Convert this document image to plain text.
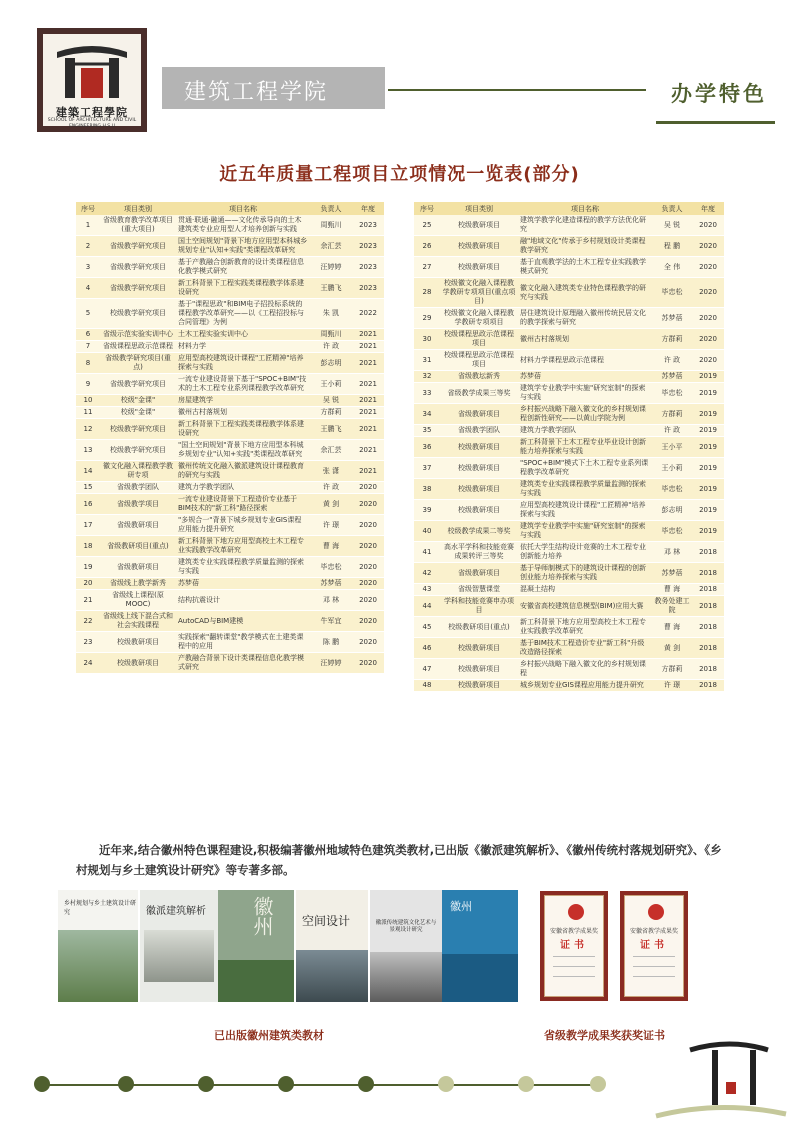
建築工程學院
SCHOOL OF ARCHITECTURE AND CIVIL ENGINEERING H.S.U
建筑工程学院	办学特色
近五年质量工程项目立项情况一览表(部分)
序号	项目类别	项目名称	负责人	年度
1	省级教育教学改革项目(重大项目)	贯通·联通·融通——文化传承导向的土木建筑类专业应用型人才培养创新与实践	周甄川	2023
2	省级教学研究项目	国土空间规划"背景下地方应用型本科城乡规划专业"认知+实践"类课程改革研究	余汇芸	2023
3	省级教学研究项目	基于产教融合创新教育的设计类课程信息化教学模式研究	汪婷婷	2023
4	省级教学研究项目	新工科背景下工程实践类课程教学体系建设研究	王鹏飞	2023
5	校级教学研究项目	基于"课程思政"和BIM电子招投标系统的课程教学改革研究——以《工程招投标与合同管理》为例	朱 凯	2022
6	省级示范实验实训中心	土木工程实验实训中心	周甄川	2021
7	省级课程思政示范课程	材料力学	许 政	2021
8	省级教学研究项目(重点)	应用型高校建筑设计课程"工匠精神"培养探索与实践	彭志明	2021
9	省级教学研究项目	一流专业建设背景下基于"SPOC+BIM"技术的土木工程专业系列课程教学改革研究	王小莉	2021
10	校级"金课"	房屋建筑学	吴 锐	2021
11	校级"金课"	徽州古村落规划	方群莉	2021
12	校级教学研究项目	新工科背景下工程实践类课程教学体系建设研究	王鹏飞	2021
13	校级教学研究项目	"国土空间规划"背景下地方应用型本科城乡规划专业"认知+实践"类课程改革研究	余汇芸	2021
14	徽文化融入课程教学教研专项	徽州传统文化融入徽派建筑设计课程教育的研究与实践	张 潇	2021
15	省级教学团队	建筑力学教学团队	许 政	2020
16	省级教学项目	一流专业建设背景下工程造价专业基于BIM技术的"新工科"路径探索	黄 剑	2020
17	省级教研项目	"多规合一"背景下城乡规划专业GIS课程应用能力提升研究	许 璟	2020
18	省级教研项目(重点)	新工科背景下地方应用型高校土木工程专业实践教学改革研究	曹 海	2020
19	省级教研项目	建筑类专业实践课程教学质量监测的探索与实践	毕忠松	2020
20	省级线上教学新秀	苏梦蓓	苏梦蓓	2020
21	省级线上课程(原MOOC)	结构抗震设计	邓 林	2020
22	省级线上线下混合式和社会实践课程	AutoCAD与BIM建模	牛军宜	2020
23	校级教研项目	实践探索"翻转课堂"教学模式在土建类课程中的应用	陈 鹏	2020
24	校级教研项目	产教融合背景下设计类课程信息化教学模式研究	汪婷婷	2020
序号	项目类别	项目名称	负责人	年度
25	校级教研项目	建筑学教学化建造课程的教学方法优化研究	吴 锐	2020
26	校级教研项目	融"地域文化"传承于乡村规划设计类课程教学研究	程 鹏	2020
27	校级教研项目	基于直观教学法的土木工程专业实践教学模式研究	全 伟	2020
28	校级徽文化融入课程教学教研专项项目(重点项目)	徽文化融入建筑类专业特色课程教学的研究与实践	毕忠松	2020
29	校级徽文化融入课程教学教研专项项目	居住建筑设计原理融入徽州传统民居文化的教学探索与研究	苏梦蓓	2020
30	校级课程思政示范课程项目	徽州古村落规划	方群莉	2020
31	校级课程思政示范课程项目	材料力学课程思政示范课程	许 政	2020
32	省级教坛新秀	苏梦蓓	苏梦蓓	2019
33	省级教学成果三等奖	建筑学专业教学中实施"研究室制"的探索与实践	毕忠松	2019
34	省级教研项目	乡村振兴战略下融入徽文化的乡村规划课程创新性研究——以黄山学院为例	方群莉	2019
35	省级教学团队	建筑力学教学团队	许 政	2019
36	校级教研项目	新工科背景下土木工程专业毕业设计创新能力培养探索与实践	王小平	2019
37	校级教研项目	"SPOC+BIM"模式下土木工程专业系列课程教学改革研究	王小莉	2019
38	校级教研项目	建筑类专业实践课程教学质量监测的探索与实践	毕忠松	2019
39	校级教研项目	应用型高校建筑设计课程"工匠精神"培养探索与实践	彭志明	2019
40	校级教学成果二等奖	建筑学专业教学中实施"研究室制"的探索与实践	毕忠松	2019
41	高水平学科和技能竞赛成果转评三等奖	依托大学生结构设计竞赛的土木工程专业创新能力培养	邓 林	2018
42	省级教研项目	基于导师制模式下的建筑设计课程的创新创业能力培养探索与实践	苏梦蓓	2018
43	省级智慧课堂	混凝土结构	曹 海	2018
44	学科和技能竞赛申办项目	安徽省高校建筑信息模型(BIM)应用大赛	教务处建工院	2018
45	校级教研项目(重点)	新工科背景下地方应用型高校土木工程专业实践教学改革研究	曹 海	2018
46	校级教研项目	基于BIM技术工程造价专业"新工科"升级改造路径探索	黄 剑	2018
47	校级教研项目	乡村振兴战略下融入徽文化的乡村规划课程	方群莉	2018
48	校级教研项目	城乡规划专业GIS课程应用能力提升研究	许 璟	2018
近年来,结合徽州特色课程建设,积极编著徽州地域特色建筑类教材,已出版《徽派建筑解析》、《徽州传统村落规划研究》、《乡村规划与乡土建筑设计研究》等专著多部。
乡村规划与乡土建筑设计研究	徽派建筑解析 徽州 空间设计	徽派传统建筑文化艺术与景观设计研究
徽州
已出版徽州建筑类教材
安徽省教学成果奖
证书
安徽省教学成果奖
证书
省级教学成果奖获奖证书
